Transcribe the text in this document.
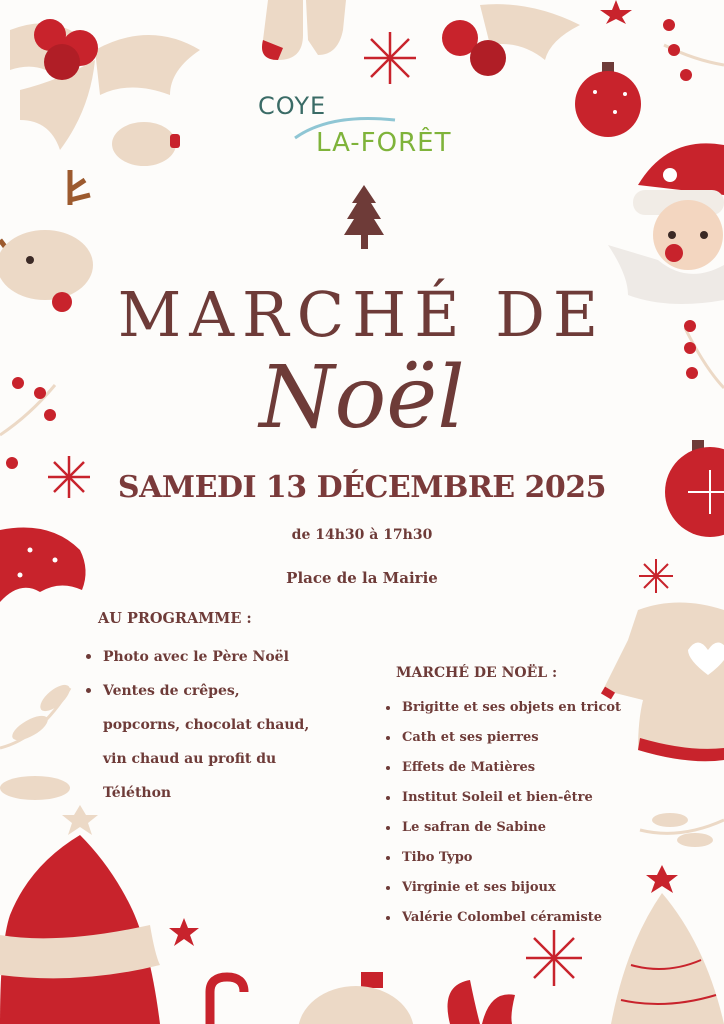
COYE
LA-FORÊT
MARCHÉ DE
Noël
SAMEDI 13 DÉCEMBRE 2025
de 14h30 à 17h30
Place de la Mairie
AU PROGRAMME :
Photo avec le Père Noël
Ventes de crêpes,
popcorns, chocolat chaud,
vin chaud au profit du
Téléthon
MARCHÉ DE NOËL :
Brigitte et ses objets en tricot
Cath et ses pierres
Effets de Matières
Institut Soleil et bien-être
Le safran de Sabine
Tibo Typo
Virginie et ses bijoux
Valérie Colombel céramiste
